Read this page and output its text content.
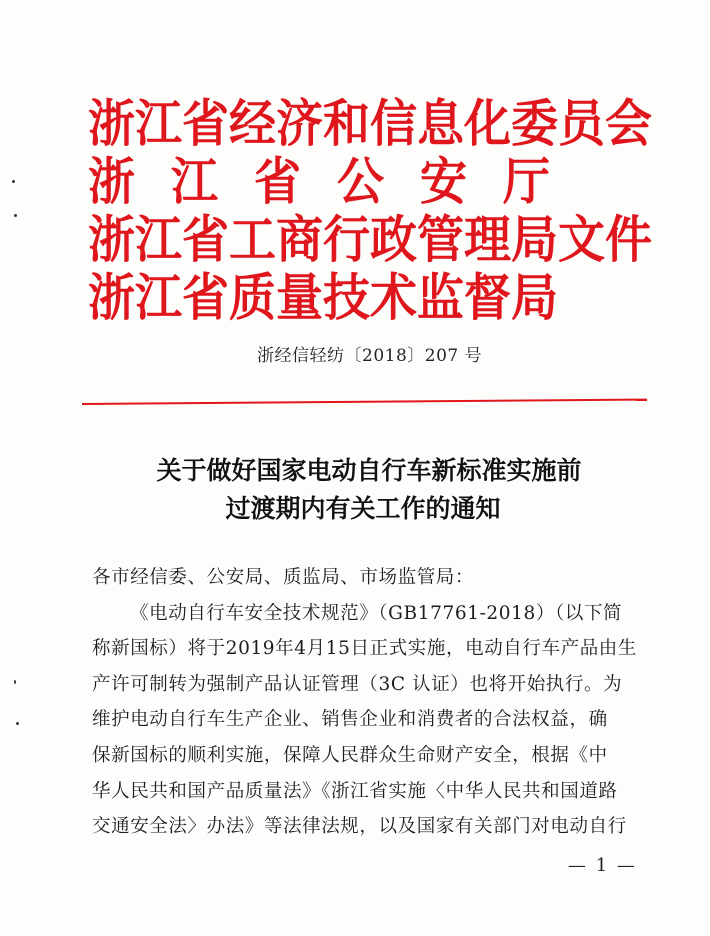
浙江省经济和信息化委员会
浙 江 省 公 安 厅
浙江省工商行政管理局文件
浙江省质量技术监督局
浙经信轻纺〔2018〕207 号
关于做好国家电动自行车新标准实施前
过渡期内有关工作的通知

各市经信委、公安局、质监局、市场监管局：

《电动自行车安全技术规范》（GB17761-2018）（以下简

称新国标）将于2019年4月15日正式实施，电动自行车产品由生

产许可制转为强制产品认证管理（3C 认证）也将开始执行。为

维护电动自行车生产企业、销售企业和消费者的合法权益，确

保新国标的顺利实施，保障人民群众生命财产安全，根据《中

华人民共和国产品质量法》《浙江省实施〈中华人民共和国道路

交通安全法〉办法》等法律法规，以及国家有关部门对电动自行

— 1 —
